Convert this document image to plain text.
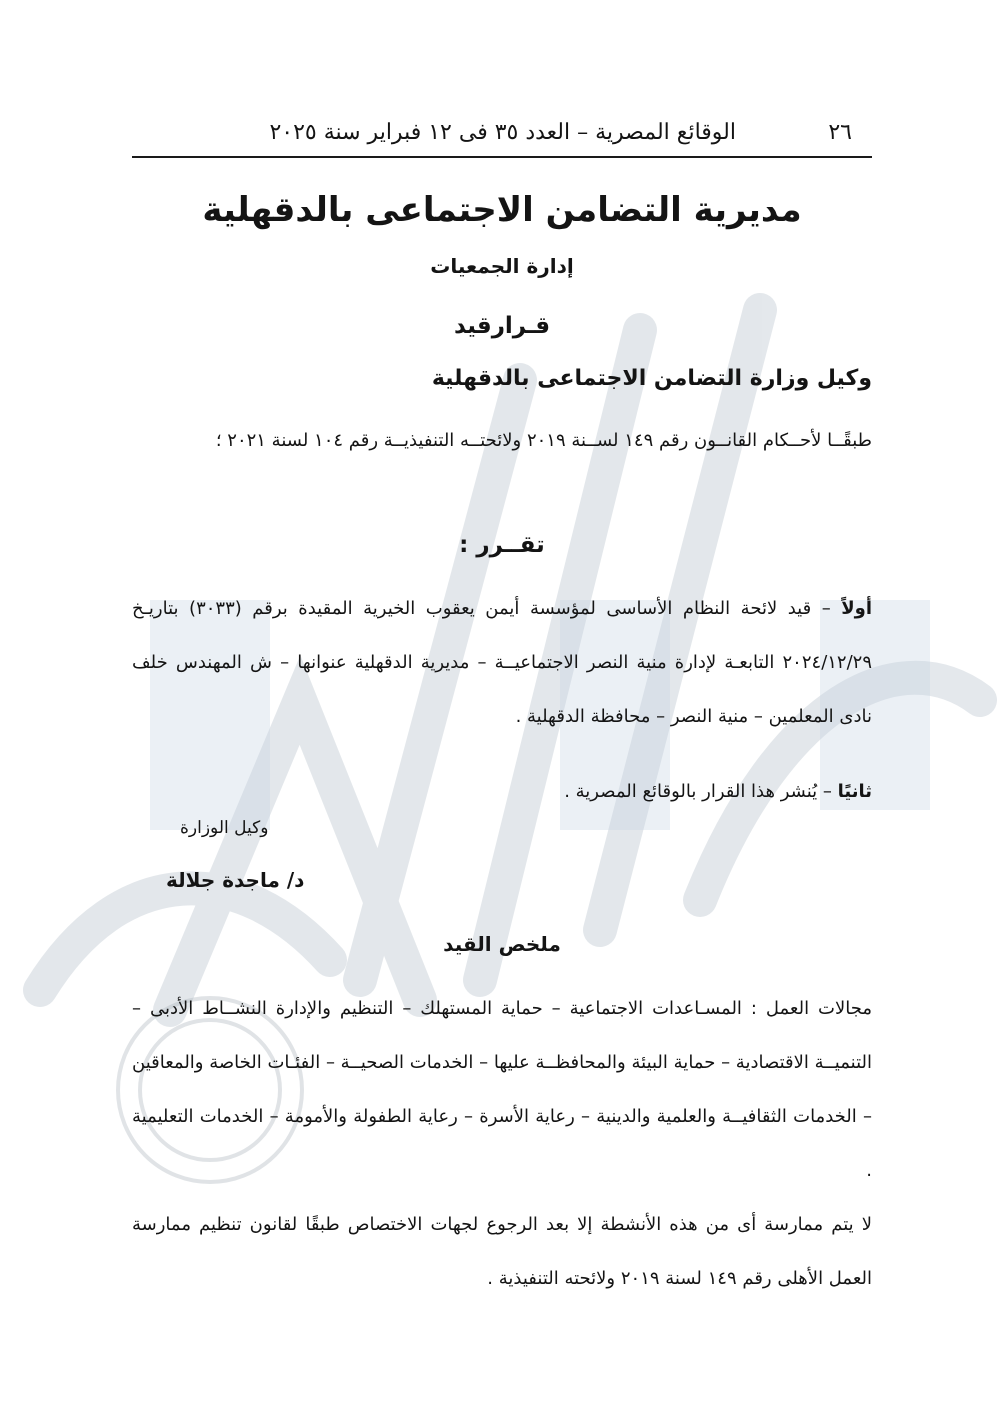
٢٦
الوقائع المصرية – العدد ٣٥ فى ١٢ فبراير سنة ٢٠٢٥
مديرية التضامن الاجتماعى بالدقهلية
إدارة الجمعيات
قـرارقيد
وكيل وزارة التضامن الاجتماعى بالدقهلية
طبقًــا لأحــكام القانــون رقم ١٤٩ لســنة ٢٠١٩ ولائحتــه التنفيذيــة رقم ١٠٤ لسنة ٢٠٢١ ؛
تقــرر :
أولاً – قيد لائحة النظام الأساسى لمؤسسة أيمن يعقوب الخيرية المقيدة برقم (٣٠٣٣) بتاريـخ ٢٠٢٤/١٢/٢٩ التابعـة لإدارة منية النصر الاجتماعيــة – مديرية الدقهلية عنوانها – ش المهندس خلف نادى المعلمين – منية النصر – محافظة الدقهلية .
ثانيًا – يُنشر هذا القرار بالوقائع المصرية .
وكيل الوزارة
د/ ماجدة جلالة
ملخص القيد
مجالات العمل : المسـاعدات الاجتماعية – حماية المستهلك – التنظيم والإدارة النشــاط الأدبى – التنميــة الاقتصادية – حماية البيئة والمحافظــة عليها – الخدمات الصحيــة – الفئـات الخاصة والمعاقين – الخدمات الثقافيــة والعلمية والدينية – رعاية الأسرة – رعاية الطفولة والأمومة – الخدمات التعليمية .
لا يتم ممارسة أى من هذه الأنشطة إلا بعد الرجوع لجهات الاختصاص طبقًا لقانون تنظيم ممارسة العمل الأهلى رقم ١٤٩ لسنة ٢٠١٩ ولائحته التنفيذية .
